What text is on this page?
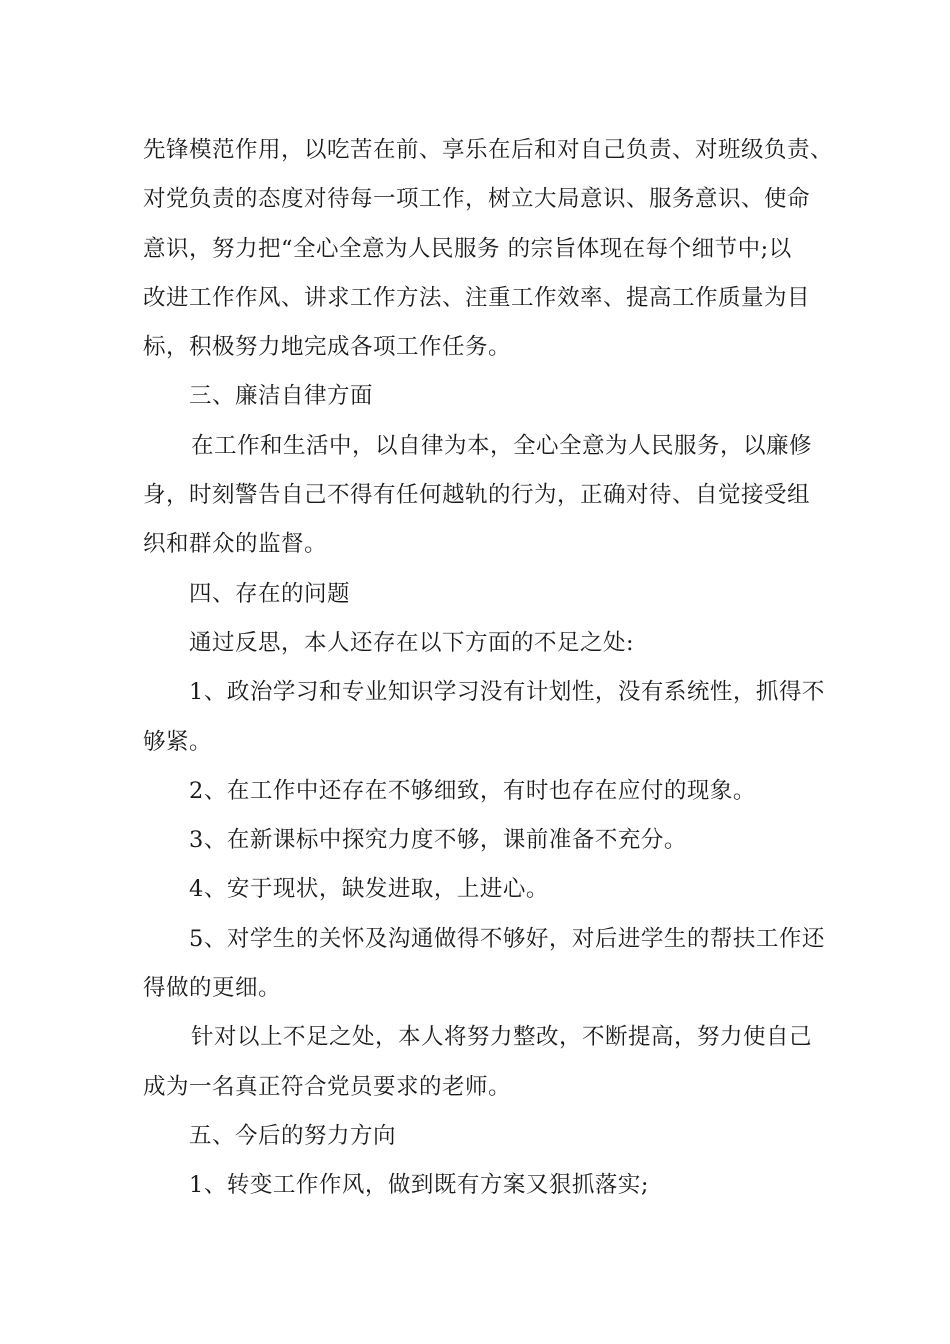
先锋模范作用，以吃苦在前、享乐在后和对自己负责、对班级负责、
对党负责的态度对待每一项工作，树立大局意识、服务意识、使命
意识，努力把“全心全意为人民服务 的宗旨体现在每个细节中;以
改进工作作风、讲求工作方法、注重工作效率、提高工作质量为目
标，积极努力地完成各项工作任务。

三、廉洁自律方面

在工作和生活中，以自律为本，全心全意为人民服务，以廉修
身，时刻警告自己不得有任何越轨的行为，正确对待、自觉接受组
织和群众的监督。

四、存在的问题

通过反思，本人还存在以下方面的不足之处:

1、政治学习和专业知识学习没有计划性，没有系统性，抓得不
够紧。

2、在工作中还存在不够细致，有时也存在应付的现象。

3、在新课标中探究力度不够，课前准备不充分。

4、安于现状，缺发进取，上进心。

5、对学生的关怀及沟通做得不够好，对后进学生的帮扶工作还
得做的更细。

针对以上不足之处，本人将努力整改，不断提高，努力使自己
成为一名真正符合党员要求的老师。

五、今后的努力方向

1、转变工作作风，做到既有方案又狠抓落实;
